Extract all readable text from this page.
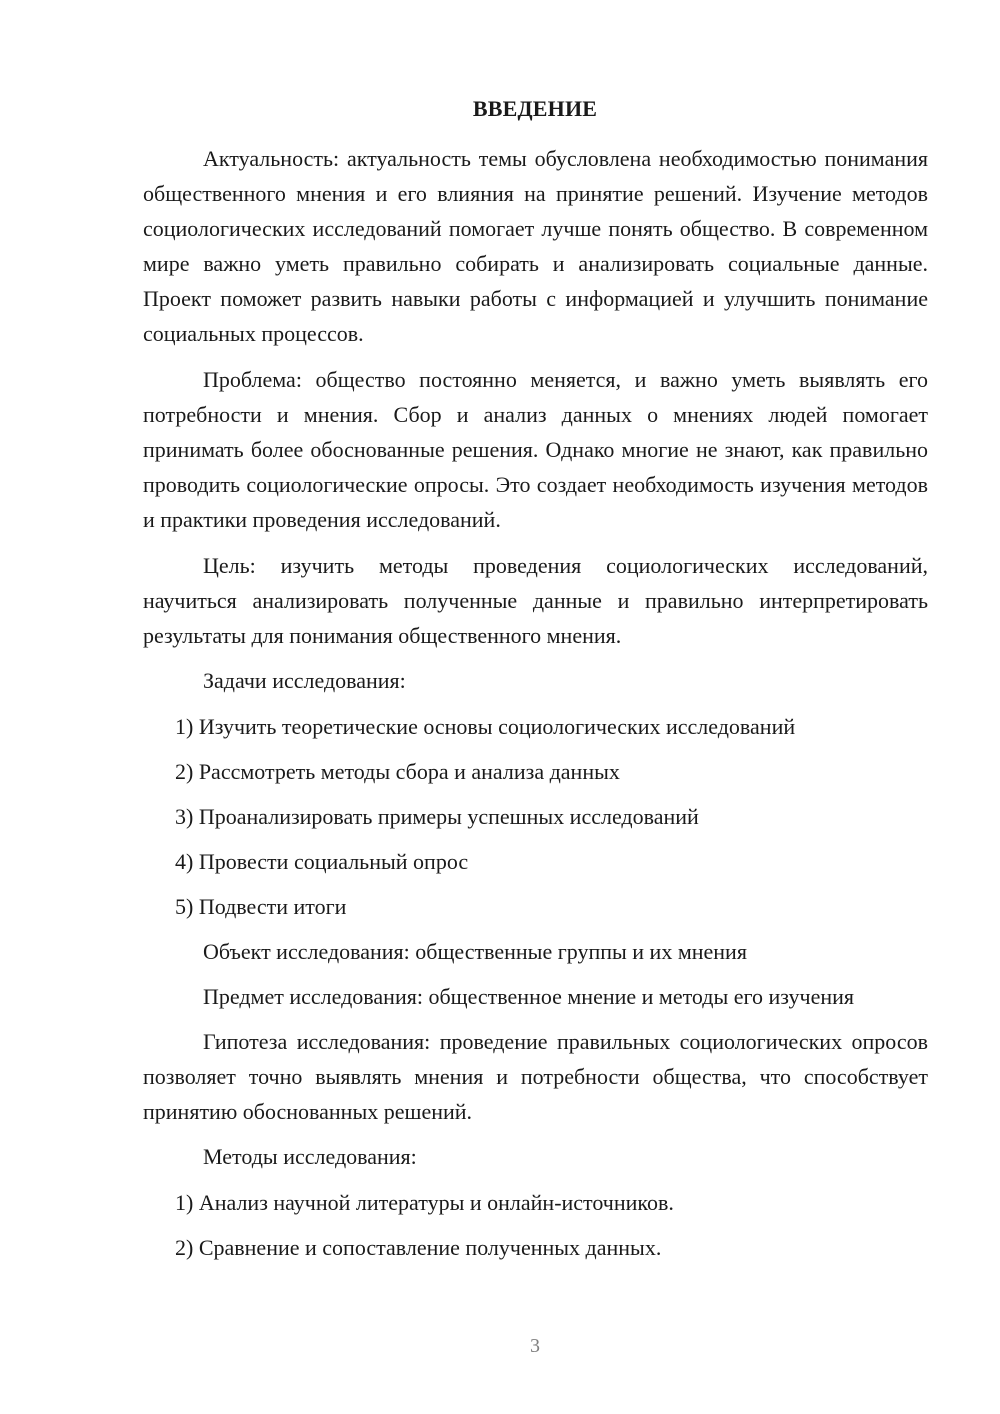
ВВЕДЕНИЕ

Актуальность: актуальность темы обусловлена необходимостью понимания общественного мнения и его влияния на принятие решений. Изучение методов социологических исследований помогает лучше понять общество. В современном мире важно уметь правильно собирать и анализировать социальные данные. Проект поможет развить навыки работы с информацией и улучшить понимание социальных процессов.

Проблема: общество постоянно меняется, и важно уметь выявлять его потребности и мнения. Сбор и анализ данных о мнениях людей помогает принимать более обоснованные решения. Однако многие не знают, как правильно проводить социологические опросы. Это создает необходимость изучения методов и практики проведения исследований.

Цель: изучить методы проведения социологических исследований, научиться анализировать полученные данные и правильно интерпретировать результаты для понимания общественного мнения.

Задачи исследования:

1) Изучить теоретические основы социологических исследований

2) Рассмотреть методы сбора и анализа данных

3) Проанализировать примеры успешных исследований

4) Провести социальный опрос

5) Подвести итоги

Объект исследования: общественные группы и их мнения

Предмет исследования: общественное мнение и методы его изучения

Гипотеза исследования: проведение правильных социологических опросов позволяет точно выявлять мнения и потребности общества, что способствует принятию обоснованных решений.

Методы исследования:

1) Анализ научной литературы и онлайн-источников.

2) Сравнение и сопоставление полученных данных.

3
